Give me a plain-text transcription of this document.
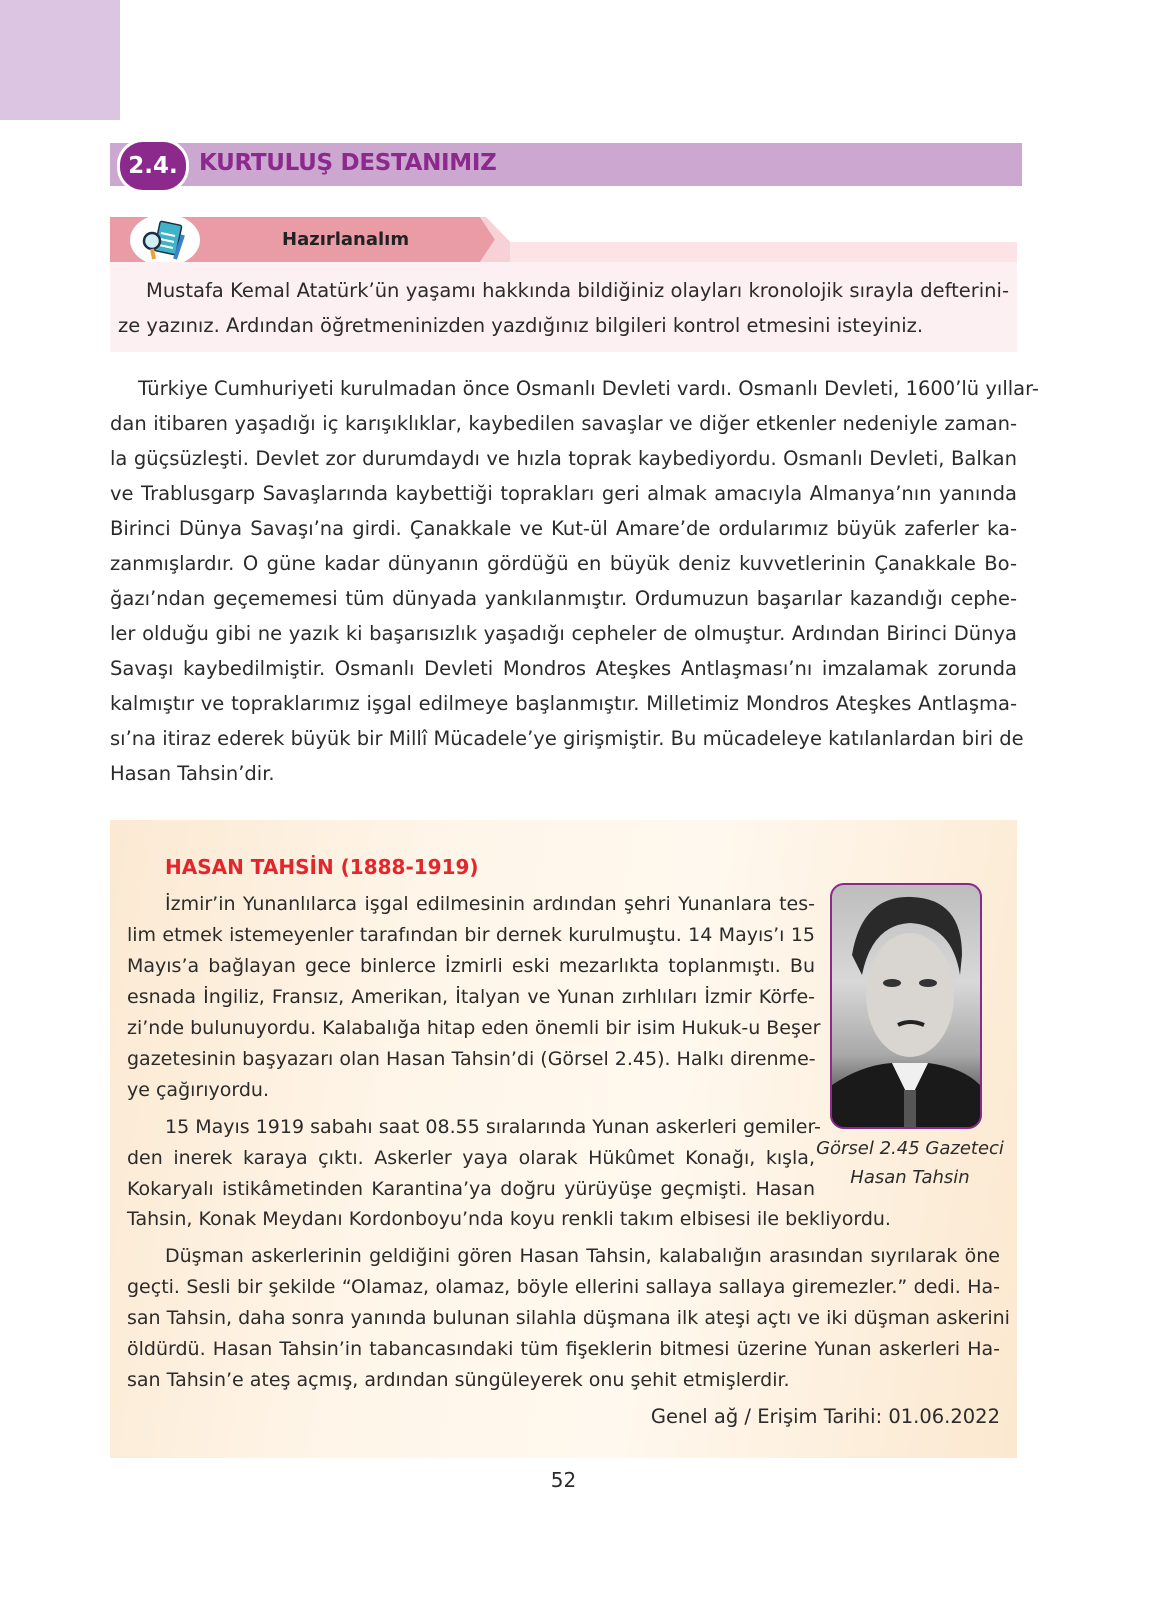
2.4. KURTULUŞ DESTANIMIZ
Hazırlanalım
Mustafa Kemal Atatürk’ün yaşamı hakkında bildiğiniz olayları kronolojik sırayla defterini-
ze yazınız. Ardından öğretmeninizden yazdığınız bilgileri kontrol etmesini isteyiniz.
Türkiye Cumhuriyeti kurulmadan önce Osmanlı Devleti vardı. Osmanlı Devleti, 1600’lü yıllar-
dan itibaren yaşadığı iç karışıklıklar, kaybedilen savaşlar ve diğer etkenler nedeniyle zaman-
la güçsüzleşti. Devlet zor durumdaydı ve hızla toprak kaybediyordu. Osmanlı Devleti, Balkan
ve Trablusgarp Savaşlarında kaybettiği toprakları geri almak amacıyla Almanya’nın yanında
Birinci Dünya Savaşı’na girdi. Çanakkale ve Kut-ül Amare’de ordularımız büyük zaferler ka-
zanmışlardır. O güne kadar dünyanın gördüğü en büyük deniz kuvvetlerinin Çanakkale Bo-
ğazı’ndan geçememesi tüm dünyada yankılanmıştır. Ordumuzun başarılar kazandığı cephe-
ler olduğu gibi ne yazık ki başarısızlık yaşadığı cepheler de olmuştur. Ardından Birinci Dünya
Savaşı kaybedilmiştir. Osmanlı Devleti Mondros Ateşkes Antlaşması’nı imzalamak zorunda
kalmıştır ve topraklarımız işgal edilmeye başlanmıştır. Milletimiz Mondros Ateşkes Antlaşma-
sı’na itiraz ederek büyük bir Millî Mücadele’ye girişmiştir. Bu mücadeleye katılanlardan biri de
Hasan Tahsin’dir.
HASAN TAHSİN (1888-1919)
İzmir’in Yunanlılarca işgal edilmesinin ardından şehri Yunanlara tes-
lim etmek istemeyenler tarafından bir dernek kurulmuştu. 14 Mayıs’ı 15
Mayıs’a bağlayan gece binlerce İzmirli eski mezarlıkta toplanmıştı. Bu
esnada İngiliz, Fransız, Amerikan, İtalyan ve Yunan zırhlıları İzmir Körfe-
zi’nde bulunuyordu. Kalabalığa hitap eden önemli bir isim Hukuk-u Beşer
gazetesinin başyazarı olan Hasan Tahsin’di (Görsel 2.45). Halkı direnme-
ye çağırıyordu.
15 Mayıs 1919 sabahı saat 08.55 sıralarında Yunan askerleri gemiler-
den inerek karaya çıktı. Askerler yaya olarak Hükûmet Konağı, kışla,
Kokaryalı istikâmetinden Karantina’ya doğru yürüyüşe geçmişti. Hasan
Tahsin, Konak Meydanı Kordonboyu’nda koyu renkli takım elbisesi ile bekliyordu.
Düşman askerlerinin geldiğini gören Hasan Tahsin, kalabalığın arasından sıyrılarak öne
geçti. Sesli bir şekilde “Olamaz, olamaz, böyle ellerini sallaya sallaya giremezler.” dedi. Ha-
san Tahsin, daha sonra yanında bulunan silahla düşmana ilk ateşi açtı ve iki düşman askerini
öldürdü. Hasan Tahsin’in tabancasındaki tüm fişeklerin bitmesi üzerine Yunan askerleri Ha-
san Tahsin’e ateş açmış, ardından süngüleyerek onu şehit etmişlerdir.
Görsel 2.45 Gazeteci
Hasan Tahsin
Genel ağ / Erişim Tarihi: 01.06.2022
52
